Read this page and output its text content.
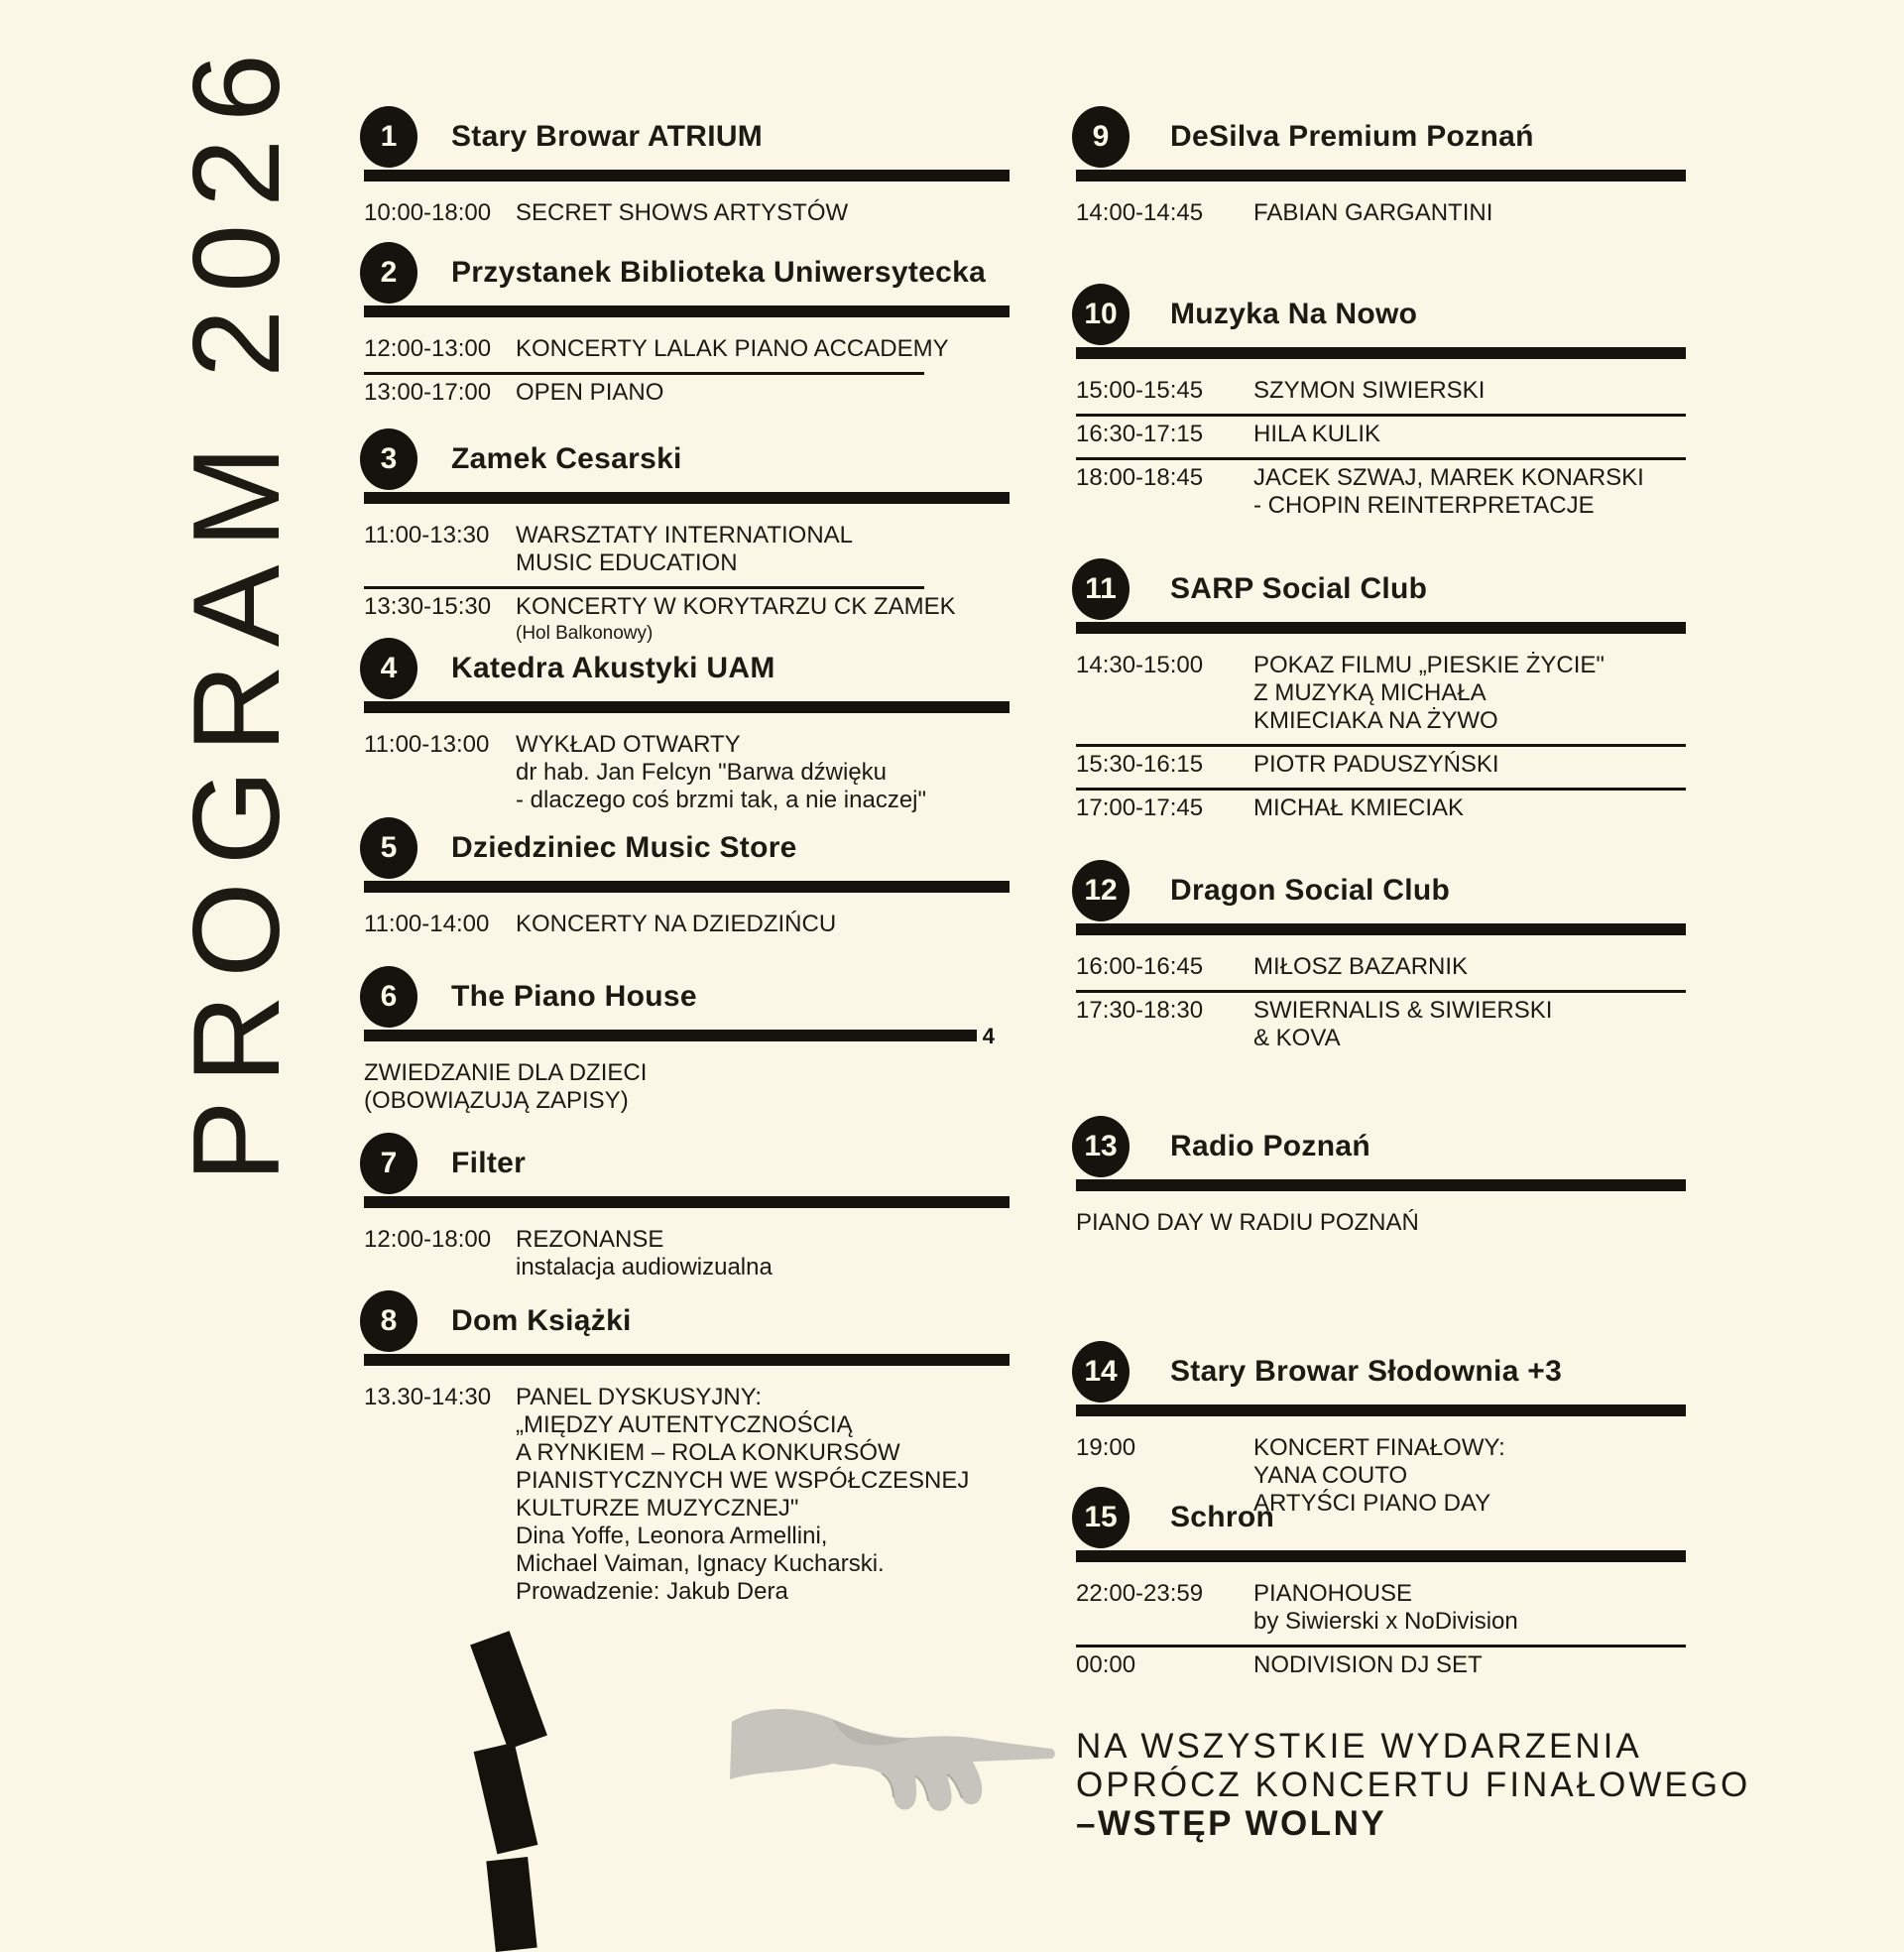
PROGRAM 2026	1	Stary Browar ATRIUM
10:00-18:00	SECRET SHOWS ARTYSTÓW
2	Przystanek Biblioteka Uniwersytecka
12:00-13:00	KONCERTY LALAK PIANO ACCADEMY
13:00-17:00	OPEN PIANO
3	Zamek Cesarski
11:00-13:30	WARSZTATY INTERNATIONAL
MUSIC EDUCATION
13:30-15:30	KONCERTY W KORYTARZU CK ZAMEK
(Hol Balkonowy)
4	Katedra Akustyki UAM
11:00-13:00	WYKŁAD OTWARTY
dr hab. Jan Felcyn "Barwa dźwięku
- dlaczego coś brzmi tak, a nie inaczej"
5	Dziedziniec Music Store
11:00-14:00	KONCERTY NA DZIEDZIŃCU
6	The Piano House
4
ZWIEDZANIE DLA DZIECI
(OBOWIĄZUJĄ ZAPISY)
7	Filter
12:00-18:00	REZONANSE
instalacja audiowizualna
8	Dom Książki
13.30-14:30	PANEL DYSKUSYJNY:
„MIĘDZY AUTENTYCZNOŚCIĄ
A RYNKIEM – ROLA KONKURSÓW
PIANISTYCZNYCH WE WSPÓŁCZESNEJ
KULTURZE MUZYCZNEJ"
Dina Yoffe, Leonora Armellini,
Michael Vaiman, Ignacy Kucharski.
Prowadzenie: Jakub Dera
9	DeSilva Premium Poznań
14:00-14:45	FABIAN GARGANTINI
10	Muzyka Na Nowo
15:00-15:45	SZYMON SIWIERSKI
16:30-17:15	HILA KULIK
18:00-18:45	JACEK SZWAJ, MAREK KONARSKI
- CHOPIN REINTERPRETACJE
11	SARP Social Club
14:30-15:00	POKAZ FILMU „PIESKIE ŻYCIE"
Z MUZYKĄ MICHAŁA
KMIECIAKA NA ŻYWO
15:30-16:15	PIOTR PADUSZYŃSKI
17:00-17:45	MICHAŁ KMIECIAK
12	Dragon Social Club
16:00-16:45	MIŁOSZ BAZARNIK
17:30-18:30	SWIERNALIS & SIWIERSKI
& KOVA
13	Radio Poznań
PIANO DAY W RADIU POZNAŃ
14	Stary Browar Słodownia +3
19:00	KONCERT FINAŁOWY:
YANA COUTO
ARTYŚCI PIANO DAY
15	Schron
22:00-23:59	PIANOHOUSE
by Siwierski x NoDivision
00:00	NODIVISION DJ SET
NA WSZYSTKIE WYDARZENIA
OPRÓCZ KONCERTU FINAŁOWEGO
–WSTĘP WOLNY
